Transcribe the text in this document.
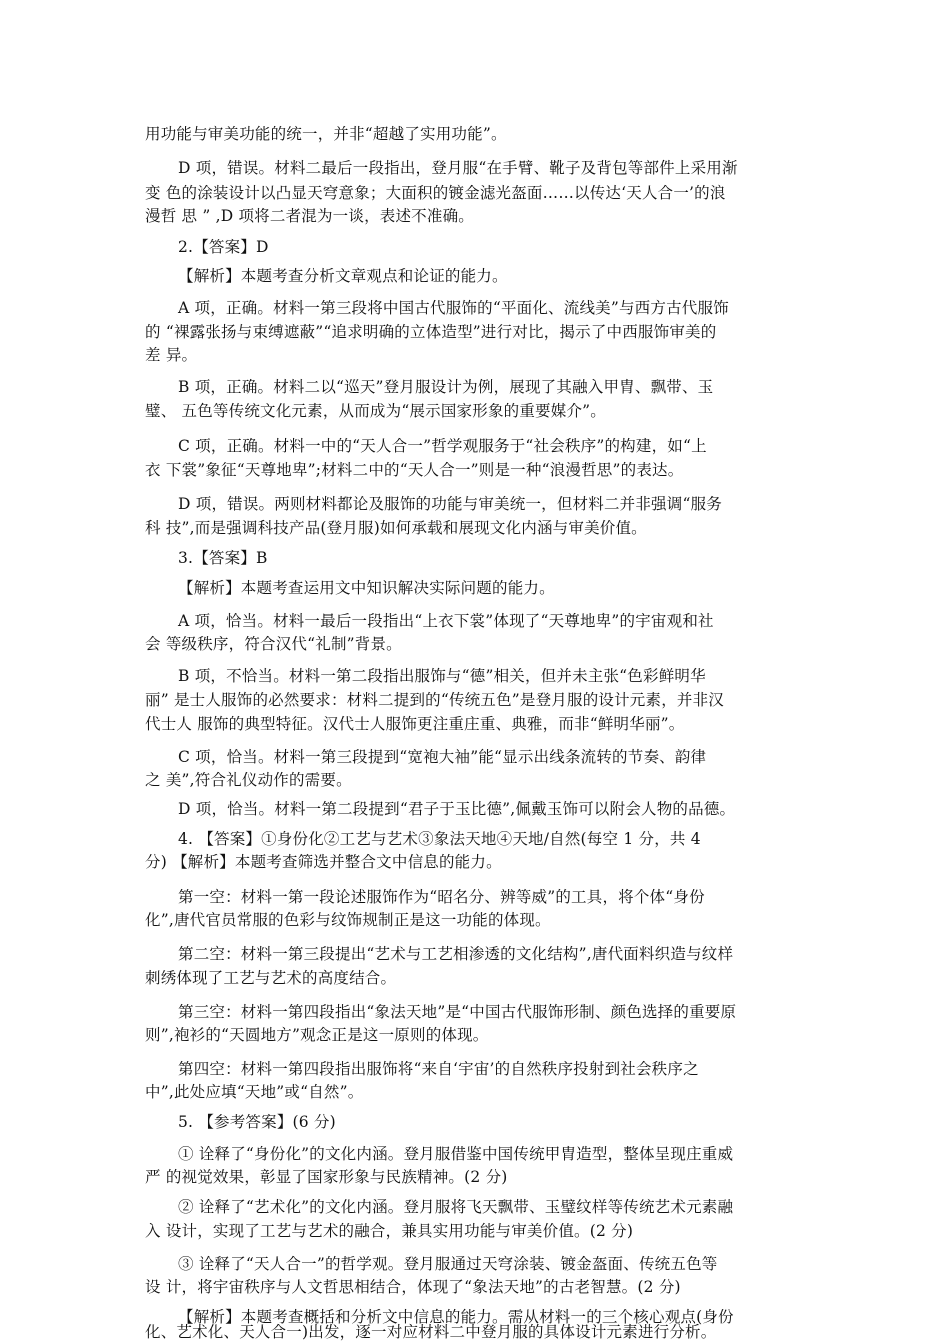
用功能与审美功能的统一，并非“超越了实用功能”。
D 项，错误。材料二最后一段指出，登月服“在手臂、靴子及背包等部件上采用渐
变 色的涂装设计以凸显天穹意象；大面积的镀金滤光盔面……以传达‘天人合一’的浪
漫哲 思 ” ,D 项将二者混为一谈，表述不准确。
2.【答案】D
【解析】本题考查分析文章观点和论证的能力。
A 项，正确。材料一第三段将中国古代服饰的“平面化、流线美”与西方古代服饰
的 “裸露张扬与束缚遮蔽”“追求明确的立体造型”进行对比，揭示了中西服饰审美的
差 异。
B 项，正确。材料二以“巡天”登月服设计为例，展现了其融入甲胄、飘带、玉
璧、 五色等传统文化元素，从而成为“展示国家形象的重要媒介”。
C 项，正确。材料一中的“天人合一”哲学观服务于“社会秩序”的构建，如“上
衣 下裳”象征“天尊地卑”;材料二中的“天人合一”则是一种“浪漫哲思”的表达。
D 项，错误。两则材料都论及服饰的功能与审美统一，但材料二并非强调“服务
科 技”,而是强调科技产品(登月服)如何承载和展现文化内涵与审美价值。
3.【答案】B
【解析】本题考查运用文中知识解决实际问题的能力。
A 项，恰当。材料一最后一段指出“上衣下裳”体现了“天尊地卑”的宇宙观和社
会 等级秩序，符合汉代“礼制”背景。
B 项，不恰当。材料一第二段指出服饰与“德”相关，但并未主张“色彩鲜明华
丽” 是士人服饰的必然要求：材料二提到的“传统五色”是登月服的设计元素，并非汉
代士人 服饰的典型特征。汉代士人服饰更注重庄重、典雅，而非“鲜明华丽”。
C 项，恰当。材料一第三段提到“宽袍大袖”能“显示出线条流转的节奏、韵律
之 美”,符合礼仪动作的需要。
D 项，恰当。材料一第二段提到“君子于玉比德”,佩戴玉饰可以附会人物的品德。
4. 【答案】①身份化②工艺与艺术③象法天地④天地/自然(每空 1 分，共 4
分) 【解析】本题考查筛选并整合文中信息的能力。
第一空：材料一第一段论述服饰作为“昭名分、辨等威”的工具，将个体“身份
化”,唐代官员常服的色彩与纹饰规制正是这一功能的体现。
第二空：材料一第三段提出“艺术与工艺相渗透的文化结构”,唐代面料织造与纹样
刺绣体现了工艺与艺术的高度结合。
第三空：材料一第四段指出“象法天地”是“中国古代服饰形制、颜色选择的重要原
则”,袍衫的“天圆地方”观念正是这一原则的体现。
第四空：材料一第四段指出服饰将“来自‘宇宙’的自然秩序投射到社会秩序之
中”,此处应填“天地”或“自然”。
5. 【参考答案】(6 分)
① 诠释了“身份化”的文化内涵。登月服借鉴中国传统甲胄造型，整体呈现庄重威
严 的视觉效果，彰显了国家形象与民族精神。(2 分)
② 诠释了“艺术化”的文化内涵。登月服将飞天飘带、玉璧纹样等传统艺术元素融
入 设计，实现了工艺与艺术的融合，兼具实用功能与审美价值。(2 分)
③ 诠释了“天人合一”的哲学观。登月服通过天穹涂装、镀金盔面、传统五色等
设 计，将宇宙秩序与人文哲思相结合，体现了“象法天地”的古老智慧。(2 分)
【解析】本题考查概括和分析文中信息的能力。需从材料一的三个核心观点(身份
化、艺术化、天人合一)出发，逐一对应材料二中登月服的具体设计元素进行分析。
